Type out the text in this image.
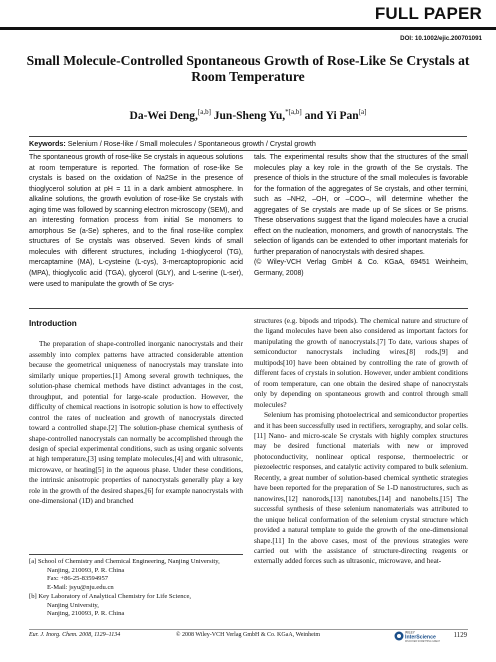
FULL PAPER
DOI: 10.1002/ejic.200701091
Small Molecule-Controlled Spontaneous Growth of Rose-Like Se Crystals at Room Temperature
Da-Wei Deng,[a,b] Jun-Sheng Yu,$^{*[a,b]}$ and Yi Pan[a]
Keywords: Selenium / Rose-like / Small molecules / Spontaneous growth / Crystal growth
The spontaneous growth of rose-like Se crystals in aqueous solutions at room temperature is reported. The formation of rose-like Se crystals is based on the oxidation of Na2Se in the presence of thioglycerol solution at pH = 11 in a dark ambient atmosphere. In alkaline solutions, the growth evolution of rose-like Se crystals with aging time was followed by scanning electron microscopy (SEM), and an interesting formation process from initial Se monomers to amorphous Se (a-Se) spheres, and to the final rose-like complex structures of Se crystals was observed. Seven kinds of small molecules with different structures, including 1-thioglycerol (TG), mercaptamine (MA), L-cysteine (L-cys), 3-mercaptopropionic acid (MPA), thioglycolic acid (TGA), glycerol (GLY), and L-serine (L-ser), were used to manipulate the growth of Se crys-
tals. The experimental results show that the structures of the small molecules play a key role in the growth of the Se crystals. The presence of thiols in the structure of the small molecules is favorable for the formation of the aggregates of Se crystals, and other termini, such as –NH2, –OH, or –COO–, will determine whether the aggregates of Se crystals are made up of Se slices or Se prisms. These observations suggest that the ligand molecules have a crucial effect on the nucleation, monomers, and growth of nanocrystals. The selection of ligands can be extended to other important materials for further preparation of nanocrystals with desired shapes.
(© Wiley-VCH Verlag GmbH & Co. KGaA, 69451 Weinheim, Germany, 2008)
Introduction
The preparation of shape-controlled inorganic nanocrystals and their assembly into complex patterns have attracted considerable attention because the geometrical uniqueness of nanocrystals may translate into similarly unique properties.[1] Among several growth techniques, the solution-phase chemical methods have distinct advantages in the cost, throughput, and potential for large-scale production. However, the difficulty of chemical reactions in isotropic solution is how to effectively control the rates of nucleation and growth of nanocrystals directed toward a controlled shape.[2] The solution-phase chemical synthesis of shape-controlled nanocrystals can normally be accomplished through the design of special experimental conditions, such as using organic solvents at high temperature,[3] using template molecules,[4] and with ultrasonic, microwave, or heating[5] in the aqueous phase. Under these conditions, the intrinsic anisotropic properties of nanocrystals generally play a key role in the growth of the desired shapes,[6] for example nanocrystals with one-dimensional (1D) and branched
structures (e.g. bipods and tripods). The chemical nature and structure of the ligand molecules have been also considered as important factors for manipulating the growth of nanocrystals.[7] To date, various shapes of semiconductor nanocrystals including wires,[8] rods,[9] and multipods[10] have been obtained by controlling the rate of growth of different faces of crystals in solution. However, under ambient conditions of room temperature, can one obtain the desired shape of nanocrystals only by depending on spontaneous growth and control through small molecules?
Selenium has promising photoelectrical and semiconductor properties and it has been successfully used in rectifiers, xerography, and solar cells.[11] Nano- and micro-scale Se crystals with highly complex structures may be desired functional materials with new or improved photoconductivity, nonlinear optical response, thermoelectric or piezoelectric responses, and catalytic activity compared to bulk selenium. Recently, a great number of solution-based chemical synthetic strategies have been reported for the preparation of Se 1-D nanostructures, such as nanowires,[12] nanorods,[13] nanotubes,[14] and nanobelts.[15] The successful synthesis of these selenium nanomaterials was attributed to the unique helical conformation of the selenium crystal structure which provided a natural template to guide the growth of the one-dimensional shape.[11] In the above cases, most of the previous strategies were carried out with the assistance of structure-directing reagents or externally added forces such as ultrasonic, microwave, and heat-
[a] School of Chemistry and Chemical Engineering, Nanjing University,
Nanjing, 210093, P. R. China
Fax: +86-25-83594957
E-Mail: jsyu@nju.edu.cn
[b] Key Laboratory of Analytical Chemistry for Life Science,
Nanjing University,
Nanjing, 210093, P. R. China
Eur. J. Inorg. Chem. 2008, 1129–1134	© 2008 Wiley-VCH Verlag GmbH & Co. KGaA, Weinheim	WILEY
InterScience
DISCOVER SOMETHING GREAT
1129
